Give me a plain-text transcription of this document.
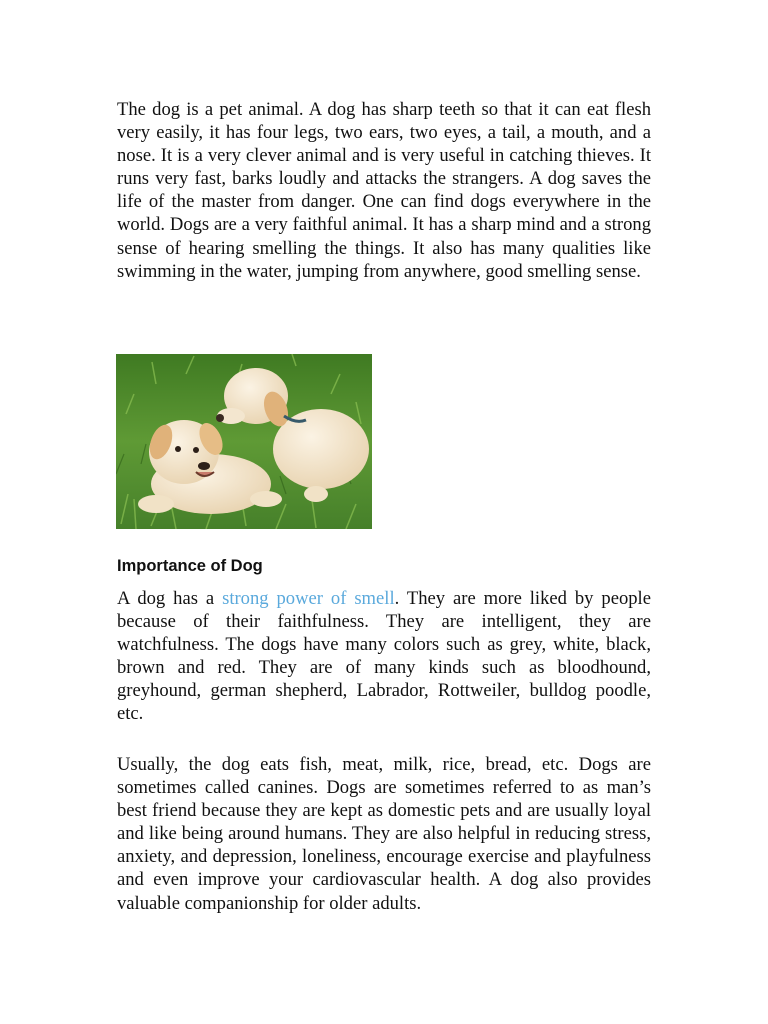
The dog is a pet animal. A dog has sharp teeth so that it can eat flesh very easily, it has four legs, two ears, two eyes, a tail, a mouth, and a nose. It is a very clever animal and is very useful in catching thieves. It runs very fast, barks loudly and attacks the strangers. A dog saves the life of the master from danger. One can find dogs everywhere in the world. Dogs are a very faithful animal. It has a sharp mind and a strong sense of hearing smelling the things. It also has many qualities like swimming in the water, jumping from anywhere, good smelling sense.

Importance of Dog

A dog has a strong power of smell. They are more liked by people because of their faithfulness. They are intelligent, they are watchfulness. The dogs have many colors such as grey, white, black, brown and red. They are of many kinds such as bloodhound, greyhound, german shepherd, Labrador, Rottweiler, bulldog poodle, etc.

Usually, the dog eats fish, meat, milk, rice, bread, etc. Dogs are sometimes called canines. Dogs are sometimes referred to as man’s best friend because they are kept as domestic pets and are usually loyal and like being around humans. They are also helpful in reducing stress, anxiety, and depression, loneliness, encourage exercise and playfulness and even improve your cardiovascular health. A dog also provides valuable companionship for older adults.
